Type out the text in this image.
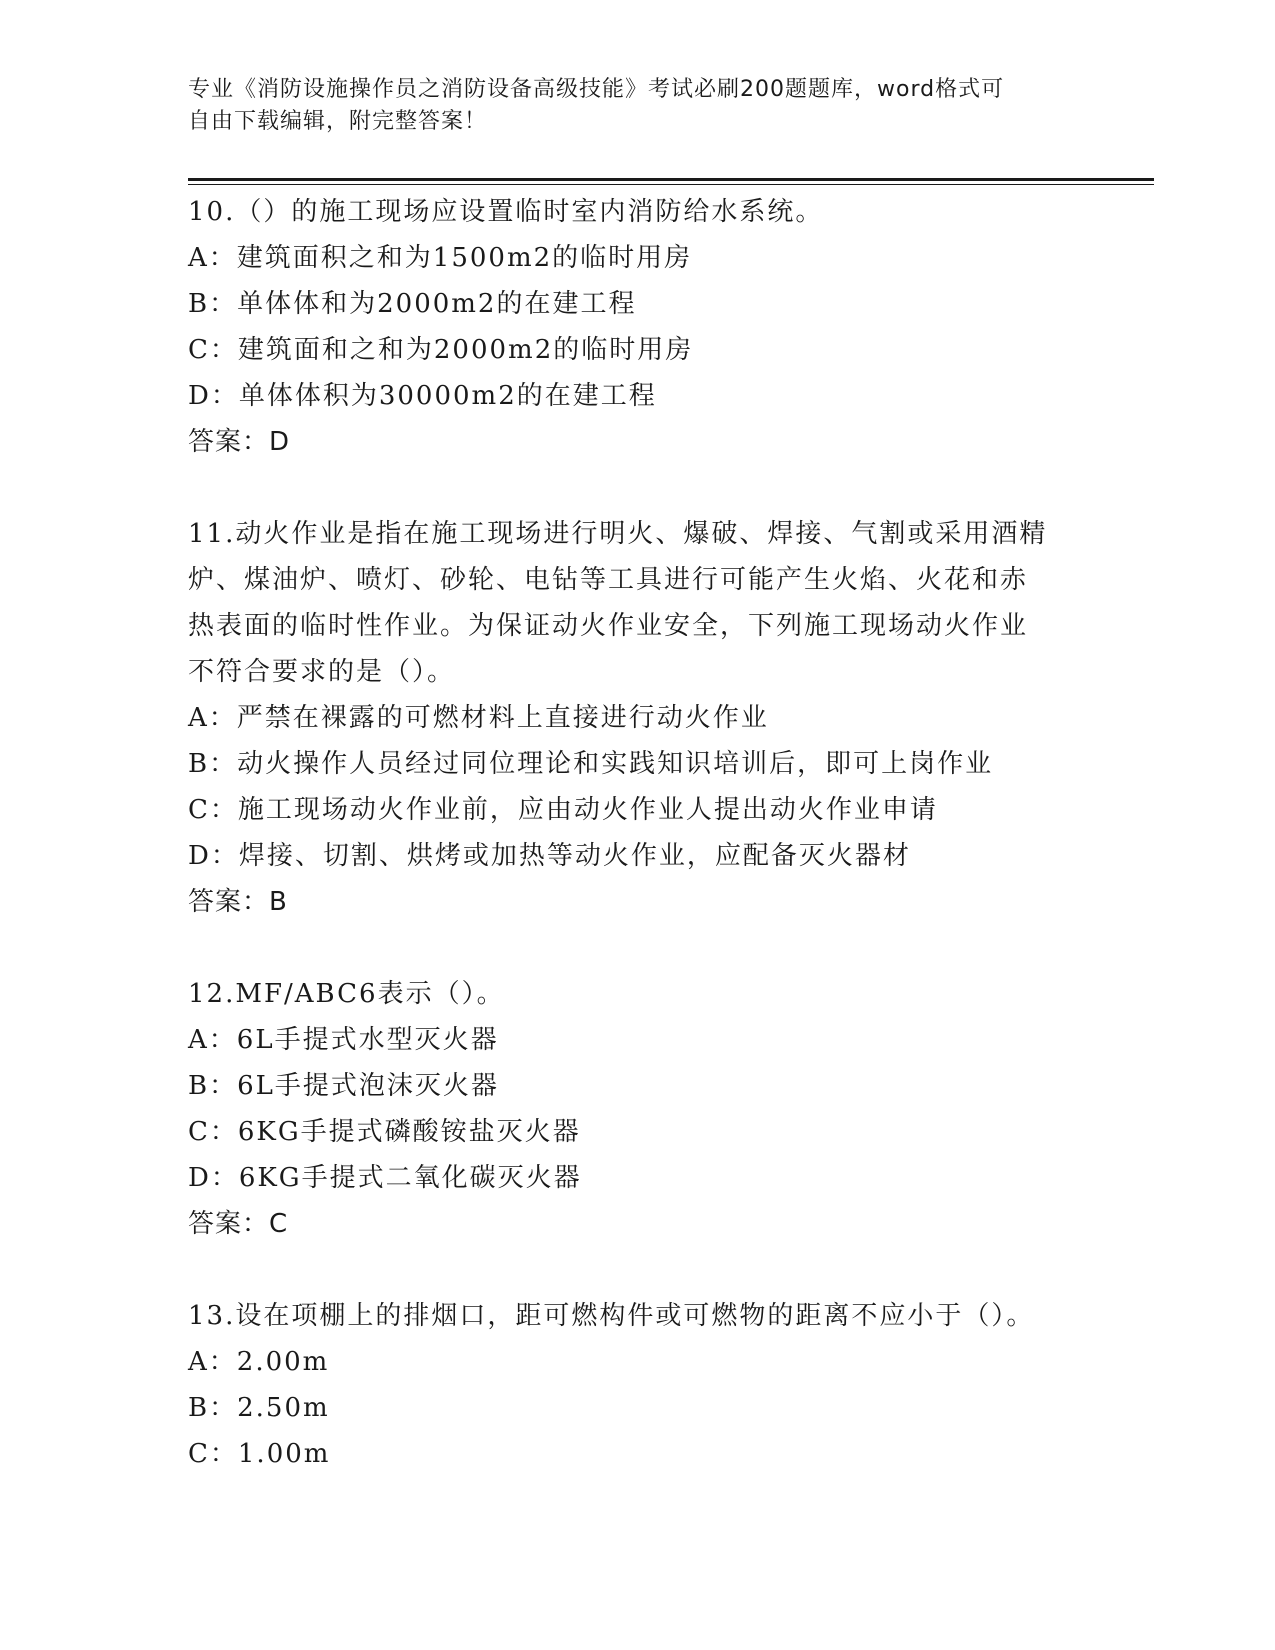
专业《消防设施操作员之消防设备高级技能》考试必刷200题题库，word格式可
自由下载编辑，附完整答案！
10.（）的施工现场应设置临时室内消防给水系统。
A：建筑面积之和为1500m2的临时用房
B：单体体和为2000m2的在建工程
C：建筑面和之和为2000m2的临时用房
D：单体体积为30000m2的在建工程
答案：D
11.动火作业是指在施工现场进行明火、爆破、焊接、气割或采用酒精
炉、煤油炉、喷灯、砂轮、电钻等工具进行可能产生火焰、火花和赤
热表面的临时性作业。为保证动火作业安全，下列施工现场动火作业
不符合要求的是（）。
A：严禁在裸露的可燃材料上直接进行动火作业
B：动火操作人员经过同位理论和实践知识培训后，即可上岗作业
C：施工现场动火作业前，应由动火作业人提出动火作业申请
D：焊接、切割、烘烤或加热等动火作业，应配备灭火器材
答案：B
12.MF/ABC6表示（）。
A：6L手提式水型灭火器
B：6L手提式泡沫灭火器
C：6KG手提式磷酸铵盐灭火器
D：6KG手提式二氧化碳灭火器
答案：C
13.设在项棚上的排烟口，距可燃构件或可燃物的距离不应小于（）。
A：2.00m
B：2.50m
C：1.00m
